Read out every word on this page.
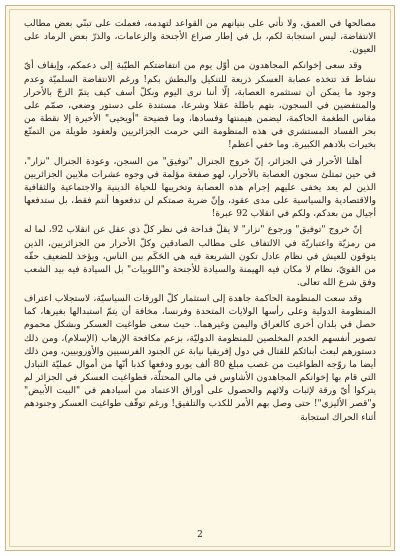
مصالحها في العمق، ولا تأتي على بنيانهم من القواعد لتهدمه، فعملت على تبنّي بعض مطالب الانتفاضة، ليس استجابة لكم، بل في إطار صراع الأجنحة والزعامات، والذرّ بعض الرماد على العيون.

وقد سعى إخوانكم المجاهدون من أوّل يوم من انتفاضتكم الطيّبة إلى دعمكم، وإيقاف أيّ نشاط قد تتخذه عصابة العسكر ذريعة للتنكيل والبطش بكم! ورغم الانتفاضة السلميّة وعدم وجود ما يمكن أن تستثمره العصابة، إلّا أننا نرى اليوم وبكلّ أسف كيف يتمّ الزجّ بالأحرار والمنتفضين في السجون، بتهم باطلة عقلا وشرعا، مستندة على دستور وضعي، صمّم على مقاس الطغمة الحاكمة، ليضمن هيمنتها وفسادها، وما فضيحة "أويحيى" الأخيرة إلا نقطة من بحر الفساد المستشري في هذه المنظومة التي حرمت الجزائريين ولعقود طويلة من التمتّع بخيرات بلادهم الكبيرة. وما خفي أعظم!

أهلنا الأحرار في الجزائر، إنّ خروج الجنرال "توفيق" من السجن، وعودة الجنرال "نزار"، في حين تمتلئ سجون العصابة بالأحرار، لهو صفعة مؤلمة في وجوه عشرات ملايين الجزائريين الذين لم يعد يخفى عليهم إجرام هذه العصابة وتخريبها للحياة الدينية والاجتماعية والثقافية والاقتصادية والسياسية على مدى عقود، وإنّ ضربة صمتكم لن تدفعوها أنتم فقط، بل ستدفعها أجيال من بعدكم، ولكم في انقلاب 92 عبرة!

إنّ خروج "توفيق" ورجوع "نزار" لا يقلّ فداحة في نظر كلّ ذي عقل عن انقلاب 92، لما له من رمزيّة واعتباريّة في الالتفاف على مطالب الصادقين وكلّ الأحرار من الجزائريين، الذين يتوقون للعيش في نظام عادل تكون الشريعة فيه هي الحَكَم بين الناس، ويؤخذ للضعيف حقّه من القويّ، نظام لا مكان فيه الهيمنة والسيادة للأجنحة و"اللوبيات" بل السيادة فيه بيد الشعب وفق شرع الله تعالى.

وقد سعت المنظومة الحاكمة جاهدة إلى استثمار كلّ الورقات السياسيّة، لاستجلاب اعتراف المنظومة الدولية وعلى رأسها الولايات المتحدة وفرنسا، مخافة أن يتمّ استبدالها بغيرها، كما حصل في بلدان أخرى كالعراق واليمن وغيرهما.. حيث سعى طواغيت العسكر وبشكل محموم تصوير أنفسهم الخدم المخلصين للمنظومة الدوليّة، بزعم مكافحة الإرهاب (الإسلام)، ومن ذلك دستورهم لبعث أبنائكم للقتال في دول إفريقيا نيابة عن الجنود الفرنسيين والأوروبيين، ومن ذلك أيضا ما روّجه الطواغيت من غصب مبلغ 80 ألف يورو ودفعها كذبا أنّها من أموال عمليّة التبادل التي قام بها إخوانكم المجاهدون الأشاوس في مالي المحتلّة، فطواغيت العسكر في الجزائر لم يتركوا أيّ ورقة لإثبات ولائهم والحصول على أوراق الاعتماد من أسيادهم في "البيت الأبيض" و"قصر الأليزي"! حتى وصل بهم الأمر للكذب والتلفيق! ورغم توقّف طواغيت العسكر وجنودهم أثناء الحراك استجابة

2
